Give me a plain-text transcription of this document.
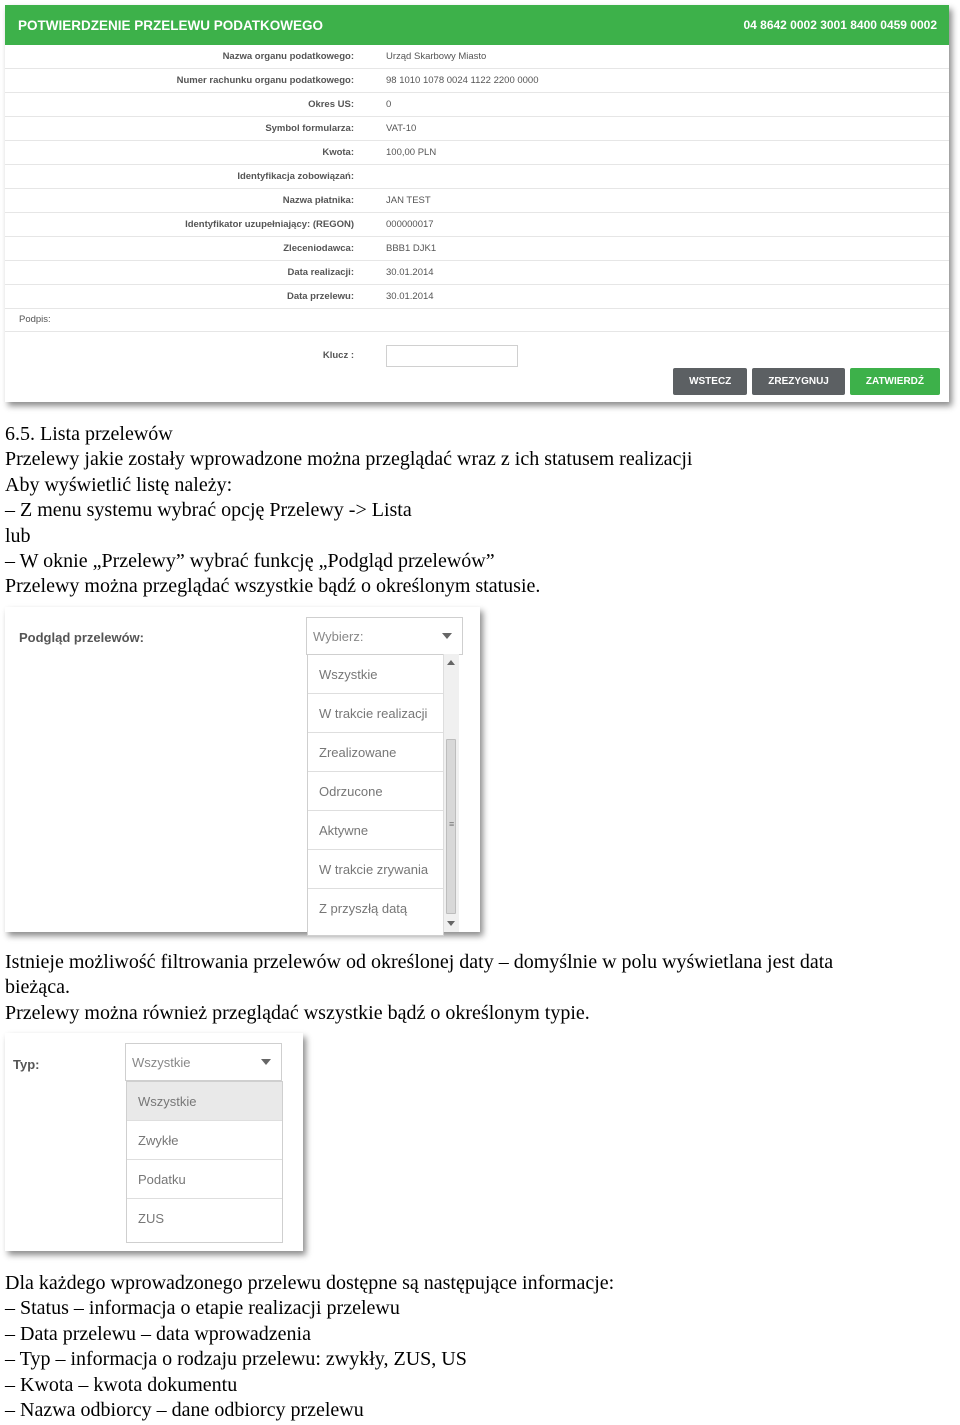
POTWIERDZENIE PRZELEWU PODATKOWEGO	04 8642 0002 3001 8400 0459 0002
Nazwa organu podatkowego:	Urząd Skarbowy Miasto
Numer rachunku organu podatkowego:	98 1010 1078 0024 1122 2200 0000
Okres US:	0
Symbol formularza:	VAT-10
Kwota:	100,00 PLN
Identyfikacja zobowiązań:
Nazwa płatnika:	JAN TEST
Identyfikator uzupełniający: (REGON)	000000017
Zleceniodawca:	BBB1 DJK1
Data realizacji:	30.01.2014
Data przelewu:	30.01.2014
Podpis:
Klucz :
WSTECZ	ZREZYGNUJ	ZATWIERDŹ

6.5. Lista przelewów

Przelewy jakie zostały wprowadzone można przeglądać wraz z ich statusem realizacji

Aby wyświetlić listę należy:

– Z menu systemu wybrać opcję Przelewy -> Lista

lub

– W oknie „Przelewy” wybrać funkcję „Podgląd przelewów”

Przelewy można przeglądać wszystkie bądź o określonym statusie.

Podgląd przelewów:	Wybierz:
Wszystkie
W trakcie realizacji
Zrealizowane
Odrzucone
Aktywne
W trakcie zrywania
Z przyszłą datą
≡

Istnieje możliwość filtrowania przelewów od określonej daty – domyślnie w polu wyświetlana jest data

bieżąca.

Przelewy można również przeglądać wszystkie bądź o określonym typie.

Typ:	Wszystkie
Wszystkie
Zwykłe
Podatku
ZUS

Dla każdego wprowadzonego przelewu dostępne są następujące informacje:

– Status – informacja o etapie realizacji przelewu

– Data przelewu – data wprowadzenia

– Typ – informacja o rodzaju przelewu: zwykły, ZUS, US

– Kwota – kwota dokumentu

– Nazwa odbiorcy – dane odbiorcy przelewu
